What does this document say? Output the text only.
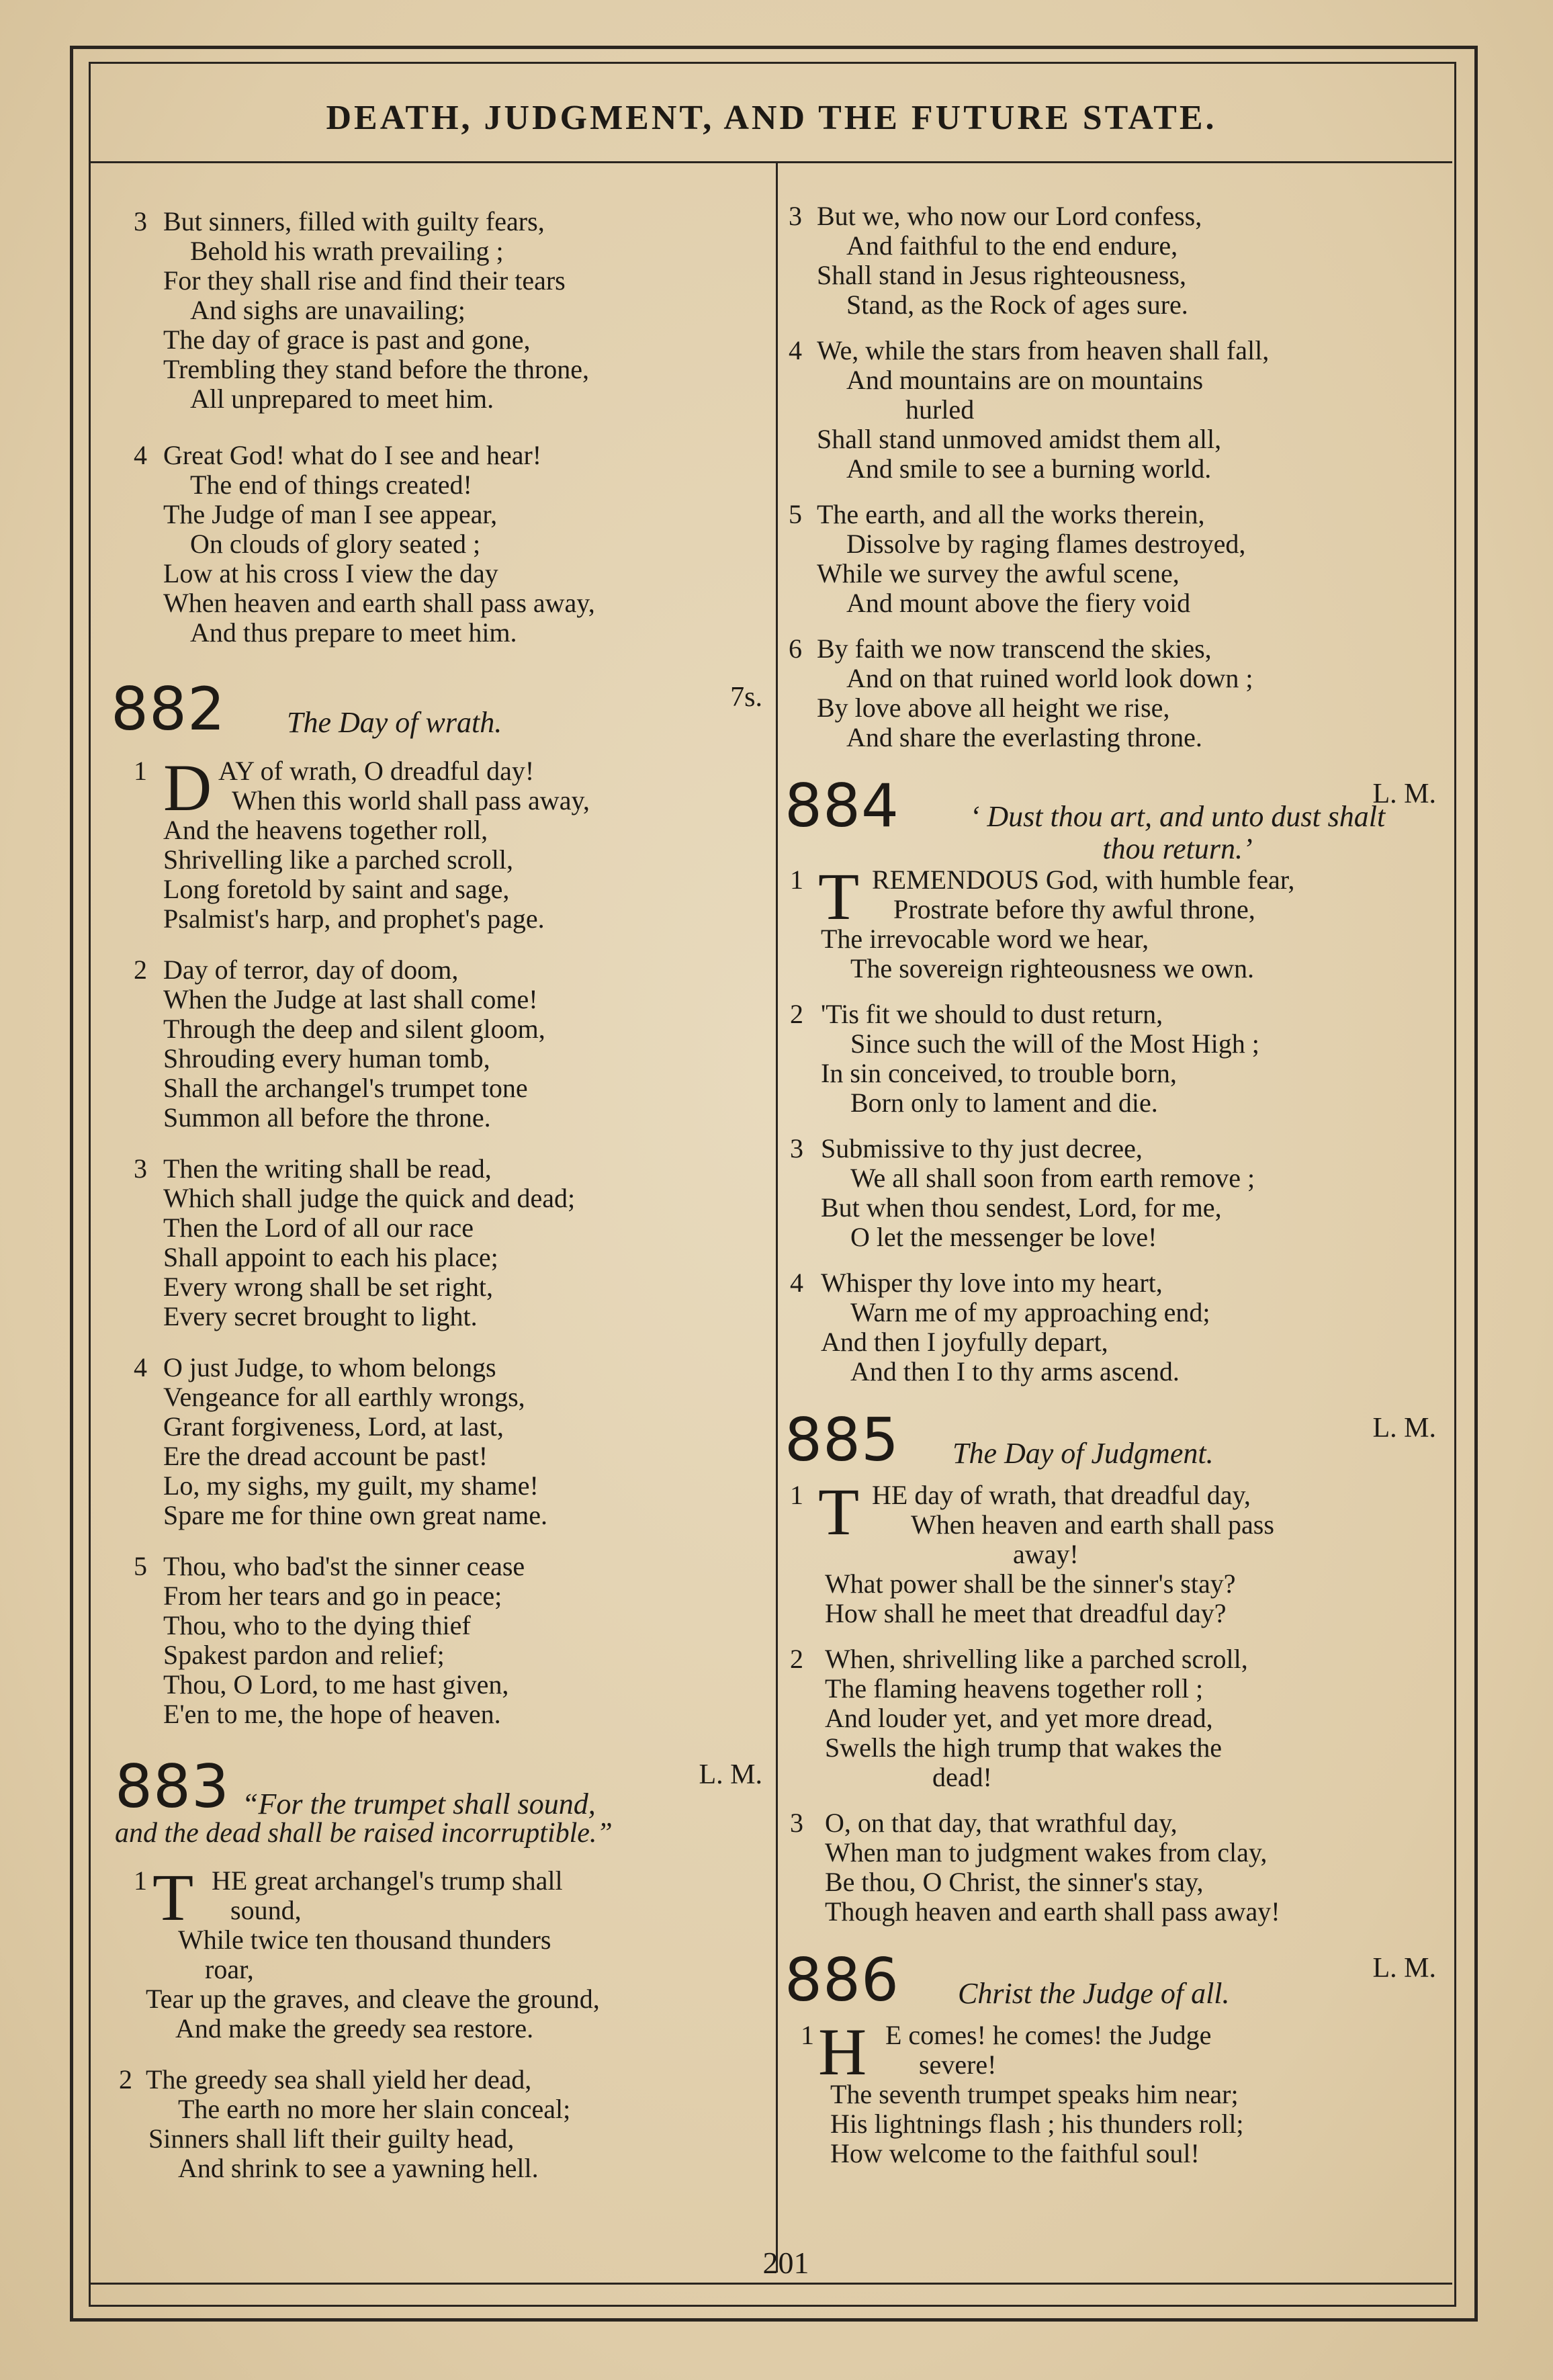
DEATH, JUDGMENT, AND THE FUTURE STATE.
3 But sinners, filled with guilty fears,
Behold his wrath prevailing ;
For they shall rise and find their tears
And sighs are unavailing;
The day of grace is past and gone,
Trembling they stand before the throne,
All unprepared to meet him.
4 Great God! what do I see and hear!
The end of things created!
The Judge of man I see appear,
On clouds of glory seated ;
Low at his cross I view the day
When heaven and earth shall pass away,
And thus prepare to meet him.
882	7s.
The Day of wrath.
1 D AY of wrath, O dreadful day!
When this world shall pass away,
And the heavens together roll,
Shrivelling like a parched scroll,
Long foretold by saint and sage,
Psalmist's harp, and prophet's page.
2 Day of terror, day of doom,
When the Judge at last shall come!
Through the deep and silent gloom,
Shrouding every human tomb,
Shall the archangel's trumpet tone
Summon all before the throne.
3 Then the writing shall be read,
Which shall judge the quick and dead;
Then the Lord of all our race
Shall appoint to each his place;
Every wrong shall be set right,
Every secret brought to light.
4 O just Judge, to whom belongs
Vengeance for all earthly wrongs,
Grant forgiveness, Lord, at last,
Ere the dread account be past!
Lo, my sighs, my guilt, my shame!
Spare me for thine own great name.
5 Thou, who bad'st the sinner cease
From her tears and go in peace;
Thou, who to the dying thief
Spakest pardon and relief;
Thou, O Lord, to me hast given,
E'en to me, the hope of heaven.
883	L. M.
“For the trumpet shall sound,
and the dead shall be raised incorruptible.”
1 T HE great archangel's trump shall
sound,
While twice ten thousand thunders
roar,
Tear up the graves, and cleave the ground,
And make the greedy sea restore.
2 The greedy sea shall yield her dead,
The earth no more her slain conceal;
Sinners shall lift their guilty head,
And shrink to see a yawning hell.
3 But we, who now our Lord confess,
And faithful to the end endure,
Shall stand in Jesus righteousness,
Stand, as the Rock of ages sure.
4 We, while the stars from heaven shall fall,
And mountains are on mountains
hurled
Shall stand unmoved amidst them all,
And smile to see a burning world.
5 The earth, and all the works therein,
Dissolve by raging flames destroyed,
While we survey the awful scene,
And mount above the fiery void
6 By faith we now transcend the skies,
And on that ruined world look down ;
By love above all height we rise,
And share the everlasting throne.
884	L. M.
‘ Dust thou art, and unto dust shalt thou return.’
1 T REMENDOUS God, with humble fear,
Prostrate before thy awful throne,
The irrevocable word we hear,
The sovereign righteousness we own.
2 'Tis fit we should to dust return,
Since such the will of the Most High ;
In sin conceived, to trouble born,
Born only to lament and die.
3 Submissive to thy just decree,
We all shall soon from earth remove ;
But when thou sendest, Lord, for me,
O let the messenger be love!
4 Whisper thy love into my heart,
Warn me of my approaching end;
And then I joyfully depart,
And then I to thy arms ascend.
885	L. M.
The Day of Judgment.
1 T HE day of wrath, that dreadful day,
When heaven and earth shall pass
away!
What power shall be the sinner's stay?
How shall he meet that dreadful day?
2 When, shrivelling like a parched scroll,
The flaming heavens together roll ;
And louder yet, and yet more dread,
Swells the high trump that wakes the
dead!
3 O, on that day, that wrathful day,
When man to judgment wakes from clay,
Be thou, O Christ, the sinner's stay,
Though heaven and earth shall pass away!
886	L. M.
Christ the Judge of all.
1 H E comes! he comes! the Judge
severe!
The seventh trumpet speaks him near;
His lightnings flash ; his thunders roll;
How welcome to the faithful soul!
201
